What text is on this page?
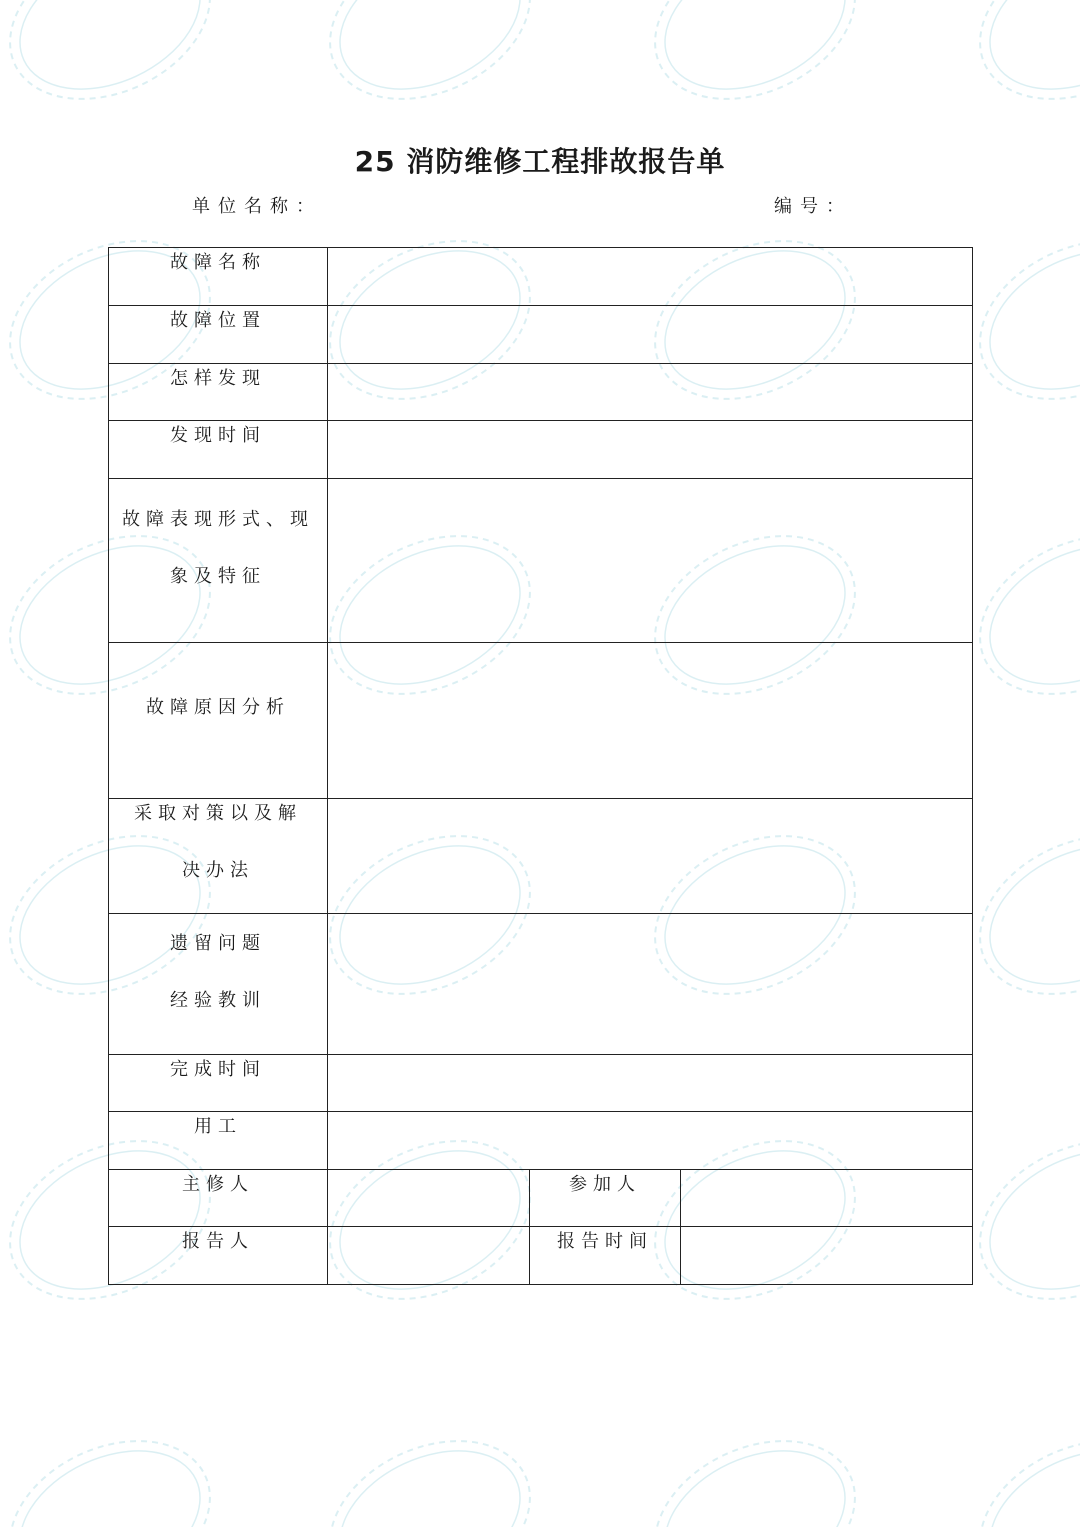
25 消防维修工程排故报告单
单位名称：	编号：
故障名称			

故障位置			

怎样发现			

发现时间			

故障表现形式、现
象及特征			

故障原因分析			

采取对策以及解
决办法			

遗留问题
经验教训			

完成时间			

用工			

主修人		参加人	

报告人		报告时间	
